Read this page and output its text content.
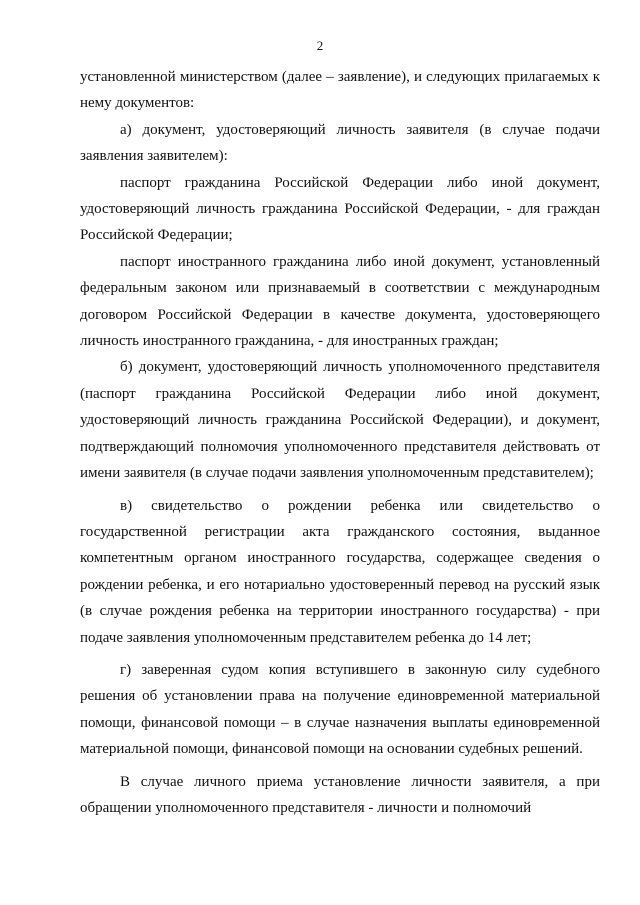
2

установленной министерством (далее – заявление), и следующих прилагаемых к нему документов:

а) документ, удостоверяющий личность заявителя (в случае подачи заявления заявителем):

паспорт гражданина Российской Федерации либо иной документ, удостоверяющий личность гражданина Российской Федерации, - для граждан Российской Федерации;

паспорт иностранного гражданина либо иной документ, установленный федеральным законом или признаваемый в соответствии с международным договором Российской Федерации в качестве документа, удостоверяющего личность иностранного гражданина, - для иностранных граждан;

б) документ, удостоверяющий личность уполномоченного представителя (паспорт гражданина Российской Федерации либо иной документ, удостоверяющий личность гражданина Российской Федерации), и документ, подтверждающий полномочия уполномоченного представителя действовать от имени заявителя (в случае подачи заявления уполномоченным представителем);

в) свидетельство о рождении ребенка или свидетельство о государственной регистрации акта гражданского состояния, выданное компетентным органом иностранного государства, содержащее сведения о рождении ребенка, и его нотариально удостоверенный перевод на русский язык (в случае рождения ребенка на территории иностранного государства) - при подаче заявления уполномоченным представителем ребенка до 14 лет;

г) заверенная судом копия вступившего в законную силу судебного решения об установлении права на получение единовременной материальной помощи, финансовой помощи – в случае назначения выплаты единовременной материальной помощи, финансовой помощи на основании судебных решений.

В случае личного приема установление личности заявителя, а при обращении уполномоченного представителя - личности и полномочий
